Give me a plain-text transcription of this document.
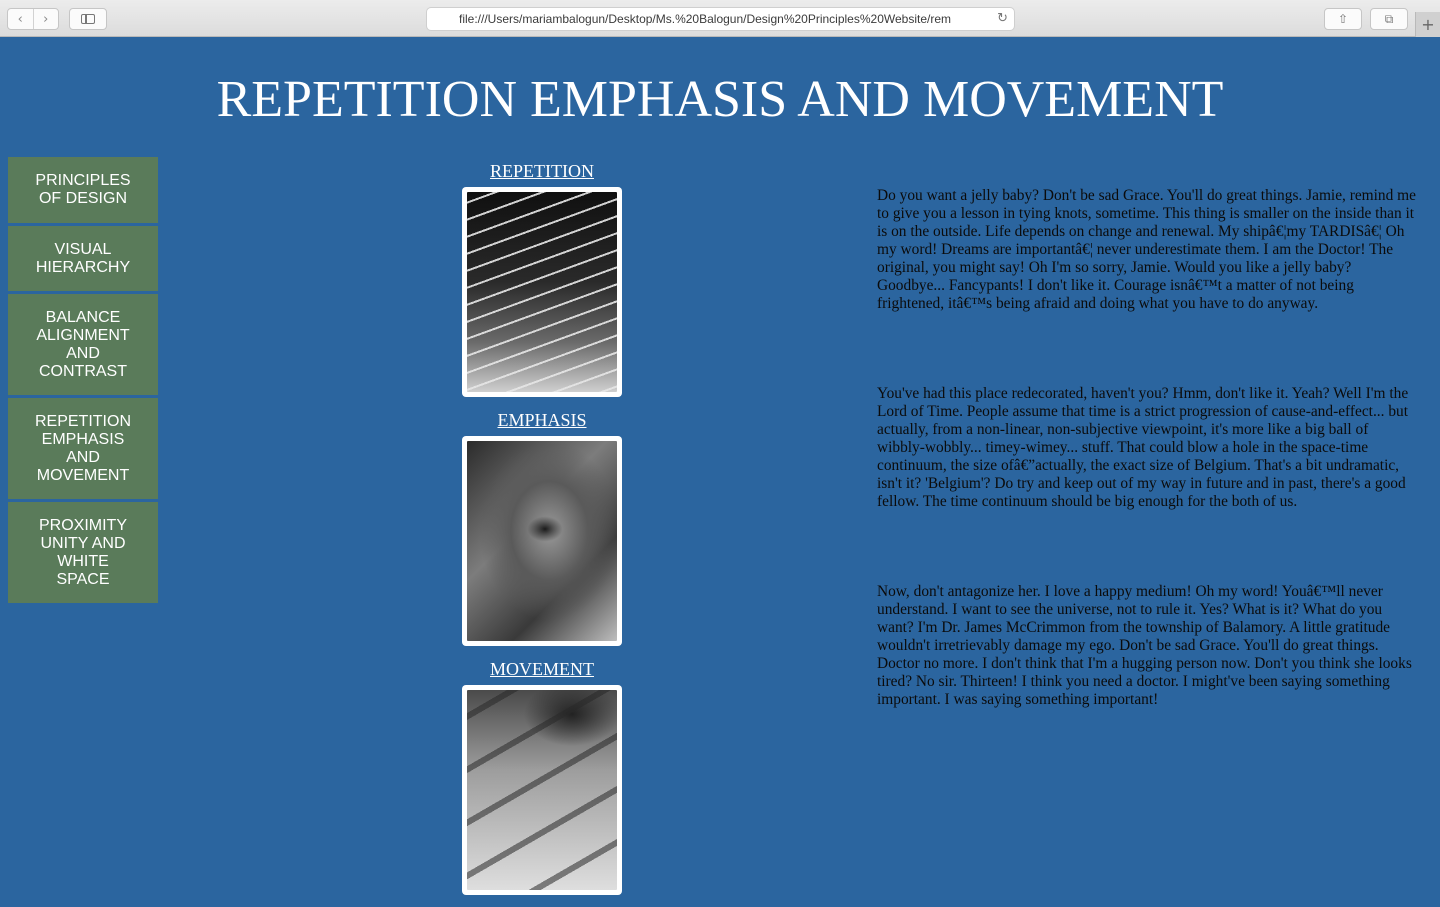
‹ ›	file:///Users/mariambalogun/Desktop/Ms.%20Balogun/Design%20Principles%20Website/rem	↻	⇧	⧉ +
REPETITION EMPHASIS AND MOVEMENT
PRINCIPLES OF DESIGN
VISUAL HIERARCHY
BALANCE ALIGNMENT AND CONTRAST
REPETITION EMPHASIS AND MOVEMENT
PROXIMITY UNITY AND WHITE SPACE
REPETITION
EMPHASIS
MOVEMENT

Do you want a jelly baby? Don't be sad Grace. You'll do great things. Jamie, remind me to give you a lesson in tying knots, sometime. This thing is smaller on the inside than it is on the outside. Life depends on change and renewal. My shipâ€¦my TARDISâ€¦ Oh my word! Dreams are importantâ€¦ never underestimate them. I am the Doctor! The original, you might say! Oh I'm so sorry, Jamie. Would you like a jelly baby? Goodbye... Fancypants! I don't like it. Courage isnâ€™t a matter of not being frightened, itâ€™s being afraid and doing what you have to do anyway.

You've had this place redecorated, haven't you? Hmm, don't like it. Yeah? Well I'm the Lord of Time. People assume that time is a strict progression of cause-and-effect... but actually, from a non-linear, non-subjective viewpoint, it's more like a big ball of wibbly-wobbly... timey-wimey... stuff. That could blow a hole in the space-time continuum, the size ofâ€”actually, the exact size of Belgium. That's a bit undramatic, isn't it? 'Belgium'? Do try and keep out of my way in future and in past, there's a good fellow. The time continuum should be big enough for the both of us.

Now, don't antagonize her. I love a happy medium! Oh my word! Youâ€™ll never understand. I want to see the universe, not to rule it. Yes? What is it? What do you want? I'm Dr. James McCrimmon from the township of Balamory. A little gratitude wouldn't irretrievably damage my ego. Don't be sad Grace. You'll do great things. Doctor no more. I don't think that I'm a hugging person now. Don't you think she looks tired? No sir. Thirteen! I think you need a doctor. I might've been saying something important. I was saying something important!
